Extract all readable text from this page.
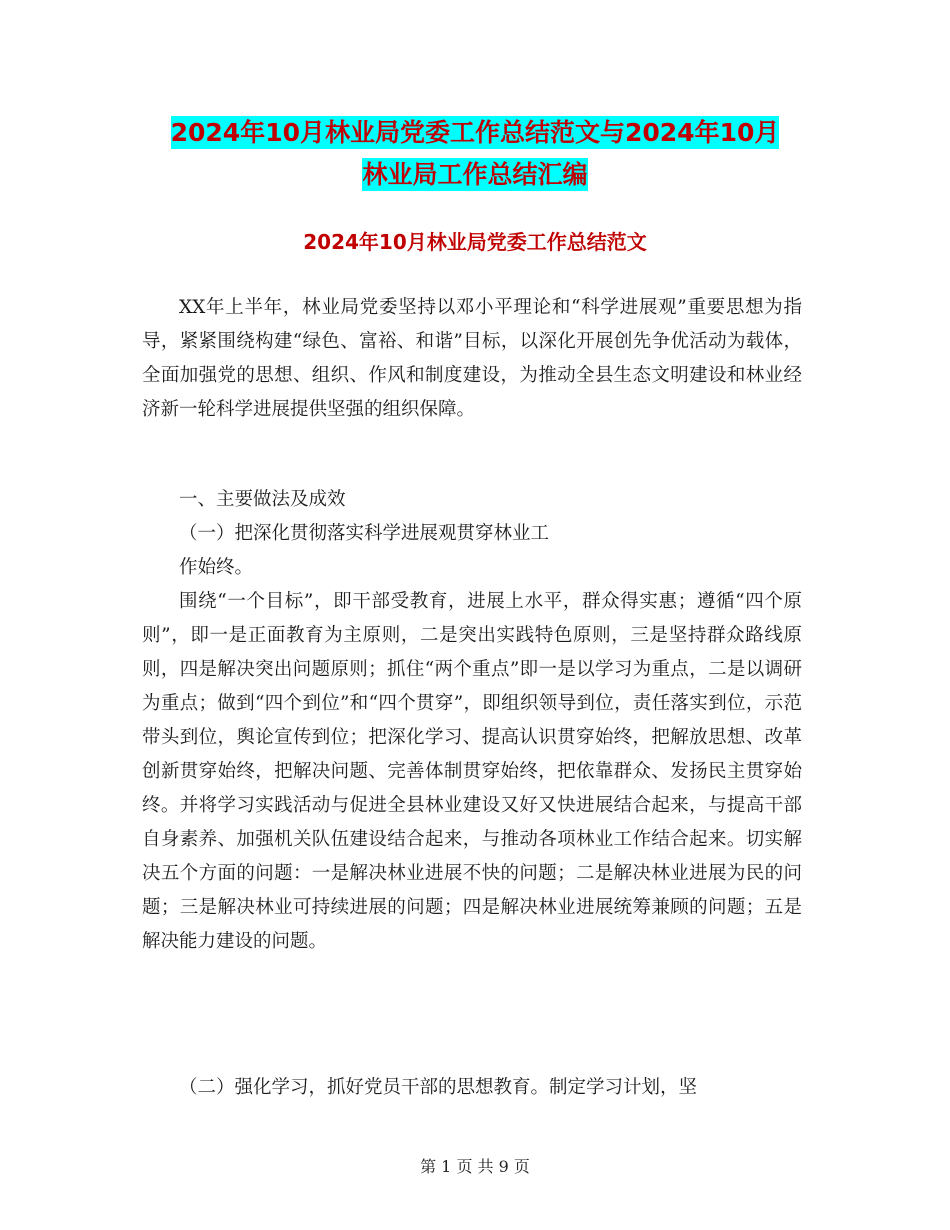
2024年10月林业局党委工作总结范文与2024年10月

林业局工作总结汇编

2024年10月林业局党委工作总结范文

XX年上半年，林业局党委坚持以邓小平理论和“科学进展观”重要思想为指导，紧紧围绕构建“绿色、富裕、和谐”目标，以深化开展创先争优活动为载体，全面加强党的思想、组织、作风和制度建设，为推动全县生态文明建设和林业经济新一轮科学进展提供坚强的组织保障。

一、主要做法及成效

（一）把深化贯彻落实科学进展观贯穿林业工

作始终。

围绕“一个目标”，即干部受教育，进展上水平，群众得实惠；遵循“四个原则”，即一是正面教育为主原则，二是突出实践特色原则，三是坚持群众路线原则，四是解决突出问题原则；抓住“两个重点”即一是以学习为重点，二是以调研为重点；做到“四个到位”和“四个贯穿”，即组织领导到位，责任落实到位，示范带头到位，舆论宣传到位；把深化学习、提高认识贯穿始终，把解放思想、改革创新贯穿始终，把解决问题、完善体制贯穿始终，把依靠群众、发扬民主贯穿始终。并将学习实践活动与促进全县林业建设又好又快进展结合起来，与提高干部自身素养、加强机关队伍建设结合起来，与推动各项林业工作结合起来。切实解决五个方面的问题：一是解决林业进展不快的问题；二是解决林业进展为民的问题；三是解决林业可持续进展的问题；四是解决林业进展统筹兼顾的问题；五是解决能力建设的问题。

（二）强化学习，抓好党员干部的思想教育。制定学习计划，坚

第 1 页 共 9 页
